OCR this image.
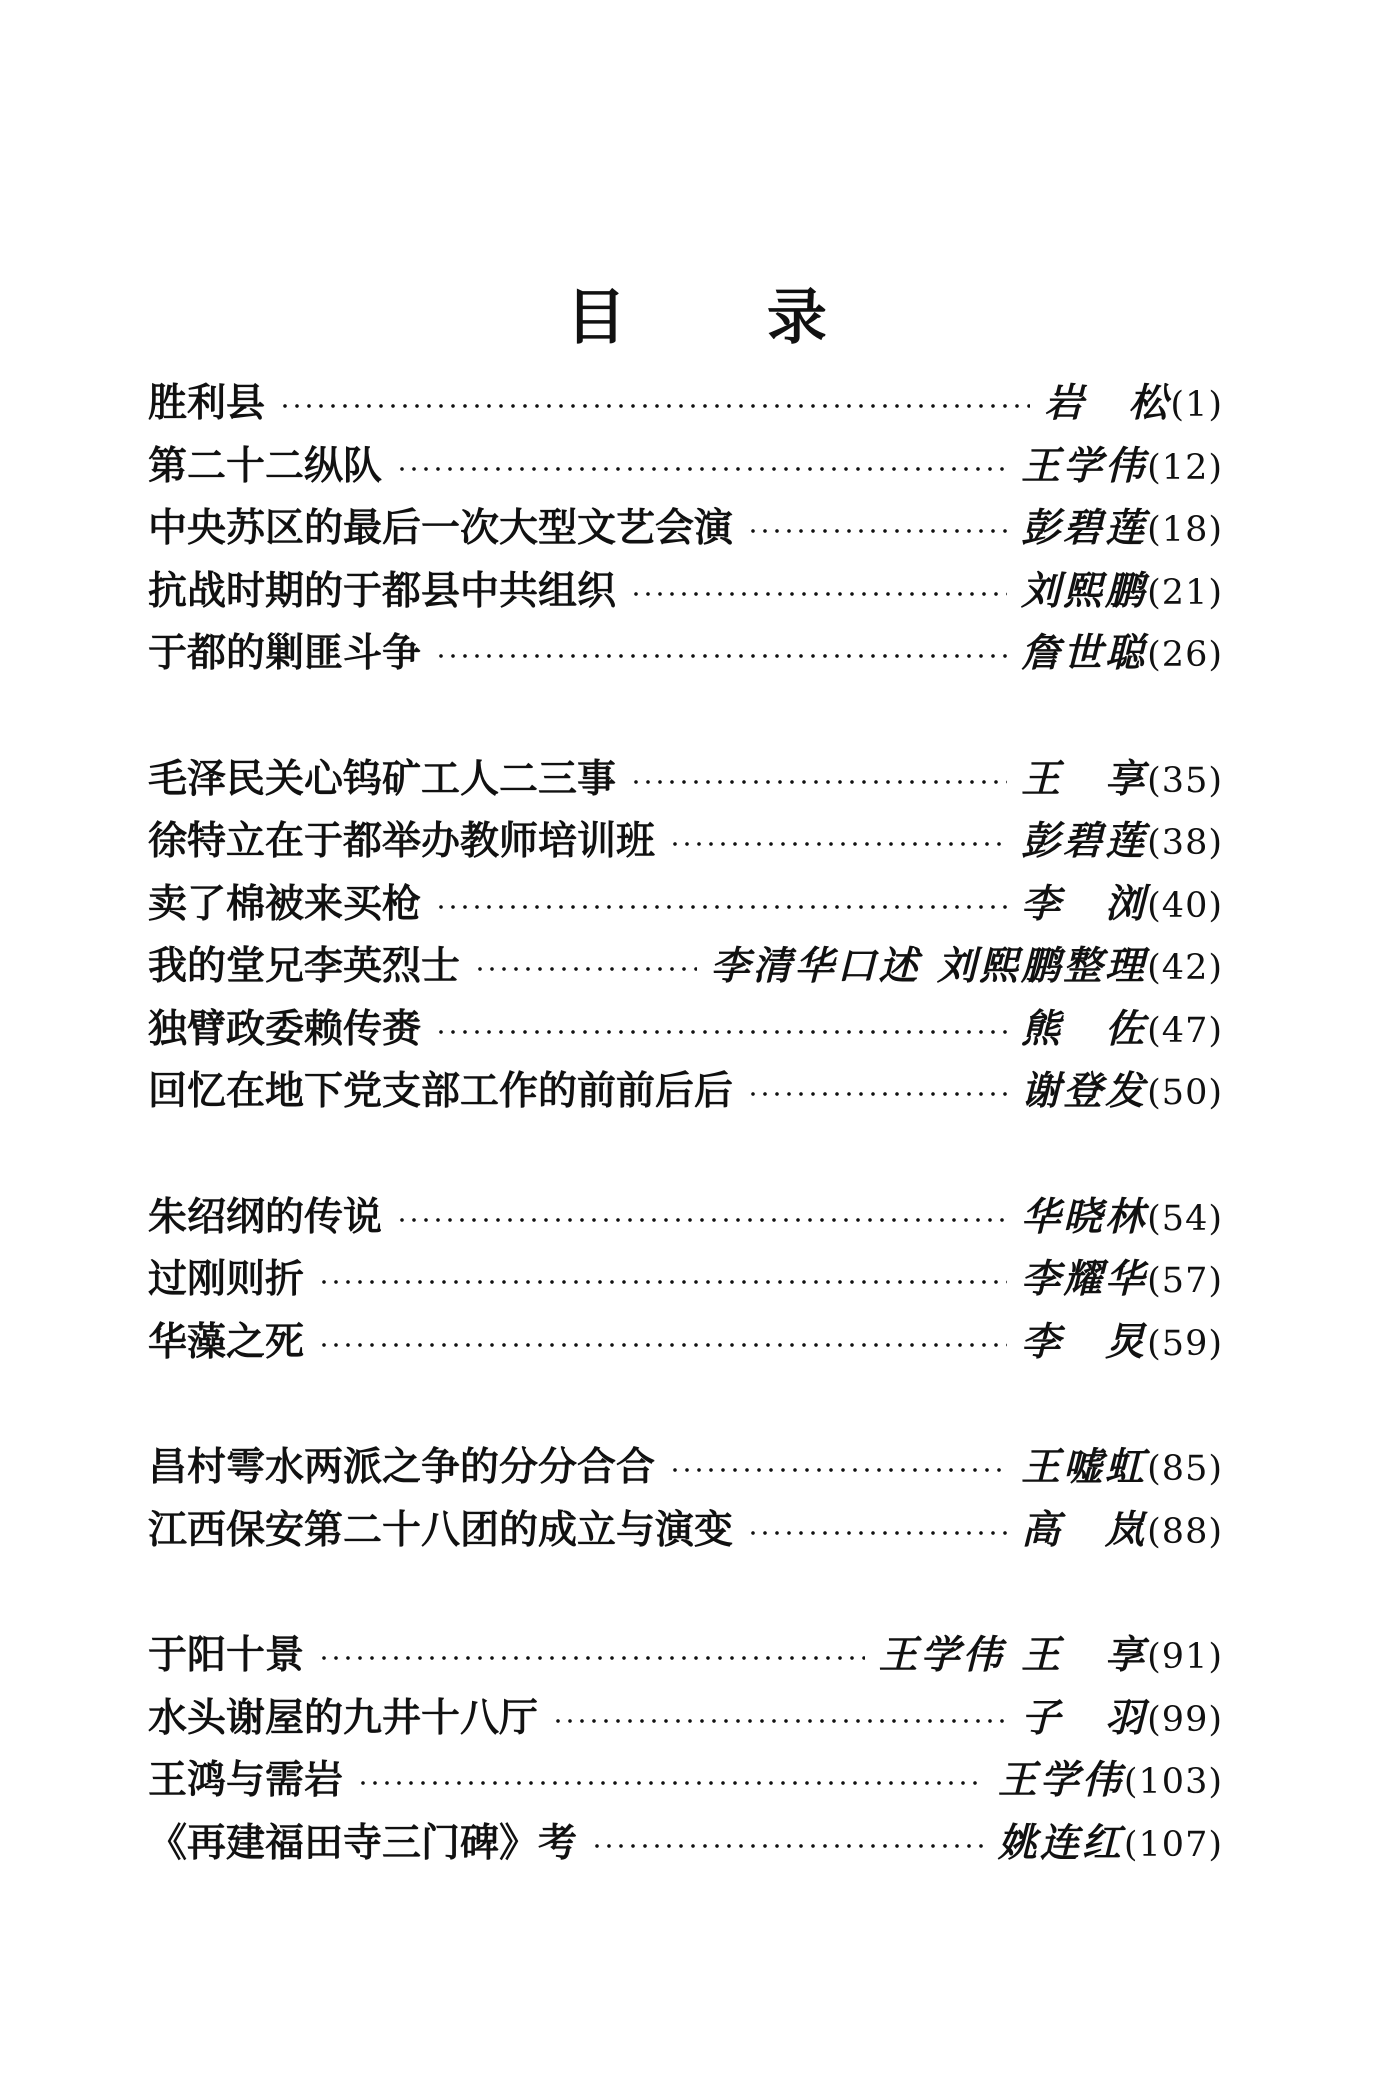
目 录
胜利县	岩　松 (1)
第二十二纵队	王学伟 (12)
中央苏区的最后一次大型文艺会演	彭碧莲 (18)
抗战时期的于都县中共组织	刘熙鹏 (21)
于都的剿匪斗争	詹世聪 (26)
毛泽民关心钨矿工人二三事	王　享 (35)
徐特立在于都举办教师培训班	彭碧莲 (38)
卖了棉被来买枪	李　浏 (40)
我的堂兄李英烈士	李清华口述 刘熙鹏整理 (42)
独臂政委赖传赉	熊　佐 (47)
回忆在地下党支部工作的前前后后	谢登发 (50)
朱绍纲的传说	华晓林 (54)
过刚则折	李耀华 (57)
华藻之死	李　炅 (59)
昌村雩水两派之争的分分合合	王嘘虹 (85)
江西保安第二十八团的成立与演变	高　岚 (88)
于阳十景	王学伟 王　享 (91)
水头谢屋的九井十八厅	子　羽 (99)
王鸿与需岩	王学伟 (103)
《再建福田寺三门碑》考	姚连红 (107)
